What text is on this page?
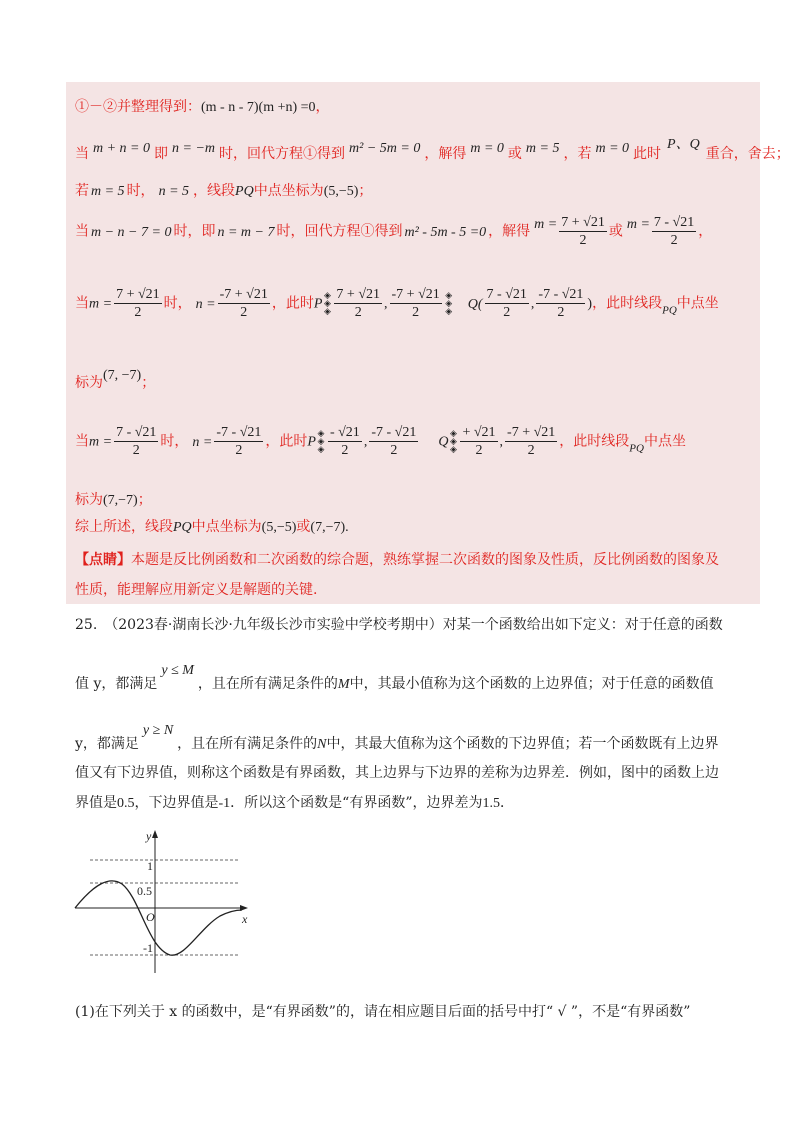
①－②并整理得到：(m - n - 7)(m +n) =0，
当 m + n = 0 即 n = −m 时，回代方程①得到 m² − 5m = 0 ，解得 m = 0 或 m = 5 ，若 m = 0 此时P、Q重合，舍去；
若 m = 5 时， n = 5 ，线段PQ中点坐标为(5,−5)；
当 m − n − 7 = 0 时，即 n = m − 7 时，回代方程①得到 m² - 5m - 5 =0 ，解得 $m = \frac{7 + √21}{2}$ 或 $m = \frac{7 - √21}{2}$ ，
当$m = \frac{7 + √21}{2}$ 时， $n = \frac{-7 + √21}{2}$ ，此时P◈
◈
◈ $\frac{7 + √21}{2}$ , $\frac{-7 + √21}{2}$ ◈
◈
◈ $Q( \frac{7 - √21}{2}$ , $\frac{-7 - √21}{2}$ )，此时线段$_{PQ}$中点坐
标为(7, −7)；
当$m = \frac{7 - √21}{2}$ 时， $n = \frac{-7 - √21}{2}$ ，此时P◈
◈
◈ $\frac{- √21}{2}$ , $\frac{-7 - √21}{2}$ Q◈
◈
◈ $\frac{+ √21}{2}$ , $\frac{-7 + √21}{2}$ ，此时线段$_{PQ}$中点坐
标为(7,−7)；
综上所述，线段PQ中点坐标为(5,−5)或(7,−7).
【点睛】本题是反比例函数和二次函数的综合题，熟练掌握二次函数的图象及性质，反比例函数的图象及
性质，能理解应用新定义是解题的关键.
25.　（2023春·湖南长沙·九年级长沙市实验中学校考期中）对某一个函数给出如下定义：对于任意的函数
值 y，都满足y ≤ M，且在所有满足条件的M中，其最小值称为这个函数的上边界值；对于任意的函数值
y，都满足y ≥ N，且在所有满足条件的N中，其最大值称为这个函数的下边界值；若一个函数既有上边界
值又有下边界值，则称这个函数是有界函数，其上边界与下边界的差称为边界差．例如，图中的函数上边
界值是0.5，下边界值是-1．所以这个函数是“有界函数”，边界差为1.5．
y
x
O
1
0.5
-1
(1)在下列关于 x 的函数中，是“有界函数”的，请在相应题目后面的括号中打“ √ ”，不是“有界函数”
